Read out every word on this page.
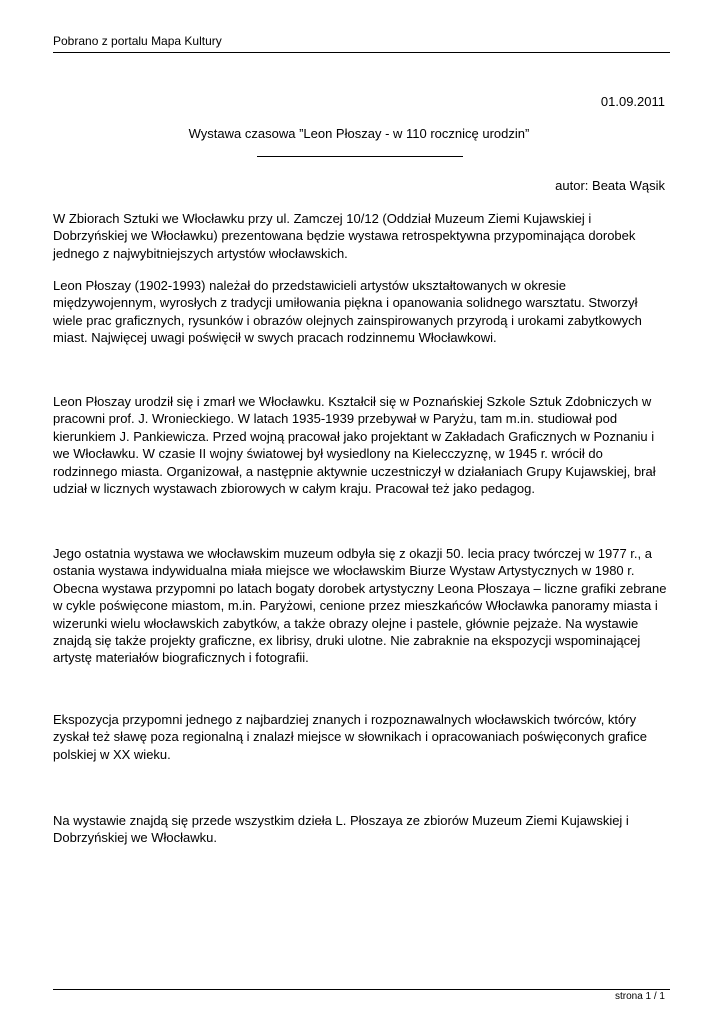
Pobrano z portalu Mapa Kultury
01.09.2011
Wystawa czasowa ”Leon Płoszay - w 110 rocznicę urodzin”
autor: Beata Wąsik

W Zbiorach Sztuki we Włocławku przy ul. Zamczej 10/12 (Oddział Muzeum Ziemi Kujawskiej i Dobrzyńskiej we Włocławku) prezentowana będzie wystawa retrospektywna przypominająca dorobek jednego z najwybitniejszych artystów włocławskich.

Leon Płoszay (1902-1993) należał do przedstawicieli artystów ukształtowanych w okresie międzywojennym, wyrosłych z tradycji umiłowania piękna i opanowania solidnego warsztatu. Stworzył wiele prac graficznych, rysunków i obrazów olejnych zainspirowanych przyrodą i urokami zabytkowych miast. Najwięcej uwagi poświęcił w swych pracach rodzinnemu Włocławkowi.

Leon Płoszay urodził się i zmarł we Włocławku. Kształcił się w Poznańskiej Szkole Sztuk Zdobniczych w pracowni prof. J. Wronieckiego. W latach 1935-1939 przebywał w Paryżu, tam m.in. studiował pod kierunkiem J. Pankiewicza. Przed wojną pracował jako projektant w Zakładach Graficznych w Poznaniu i we Włocławku. W czasie II wojny światowej był wysiedlony na Kielecczyznę, w 1945 r. wrócił do rodzinnego miasta. Organizował, a następnie aktywnie uczestniczył w działaniach Grupy Kujawskiej, brał udział w licznych wystawach zbiorowych w całym kraju. Pracował też jako pedagog.

Jego ostatnia wystawa we włocławskim muzeum odbyła się z okazji 50. lecia pracy twórczej w 1977 r., a ostania wystawa indywidualna miała miejsce we włocławskim Biurze Wystaw Artystycznych w 1980 r. Obecna wystawa przypomni po latach bogaty dorobek artystyczny Leona Płoszaya – liczne grafiki zebrane w cykle poświęcone miastom, m.in. Paryżowi, cenione przez mieszkańców Włocławka panoramy miasta i wizerunki wielu włocławskich zabytków, a także obrazy olejne i pastele, głównie pejzaże. Na wystawie znajdą się także projekty graficzne, ex librisy, druki ulotne. Nie zabraknie na ekspozycji wspominającej artystę materiałów biograficznych i fotografii.

Ekspozycja przypomni jednego z najbardziej znanych i rozpoznawalnych włocławskich twórców, który zyskał też sławę poza regionalną i znalazł miejsce w słownikach i opracowaniach poświęconych grafice polskiej w XX wieku.

Na wystawie znajdą się przede wszystkim dzieła L. Płoszaya ze zbiorów Muzeum Ziemi Kujawskiej i Dobrzyńskiej we Włocławku.

strona 1 / 1
